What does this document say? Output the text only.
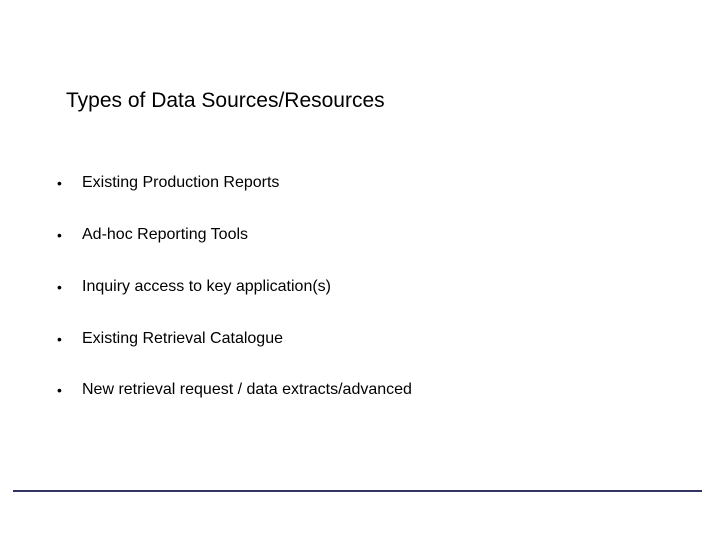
Types of Data Sources/Resources
•	Existing Production Reports
•	Ad-hoc Reporting Tools
•	Inquiry access to key application(s)
•	Existing Retrieval Catalogue
•	New retrieval request / data extracts/advanced
